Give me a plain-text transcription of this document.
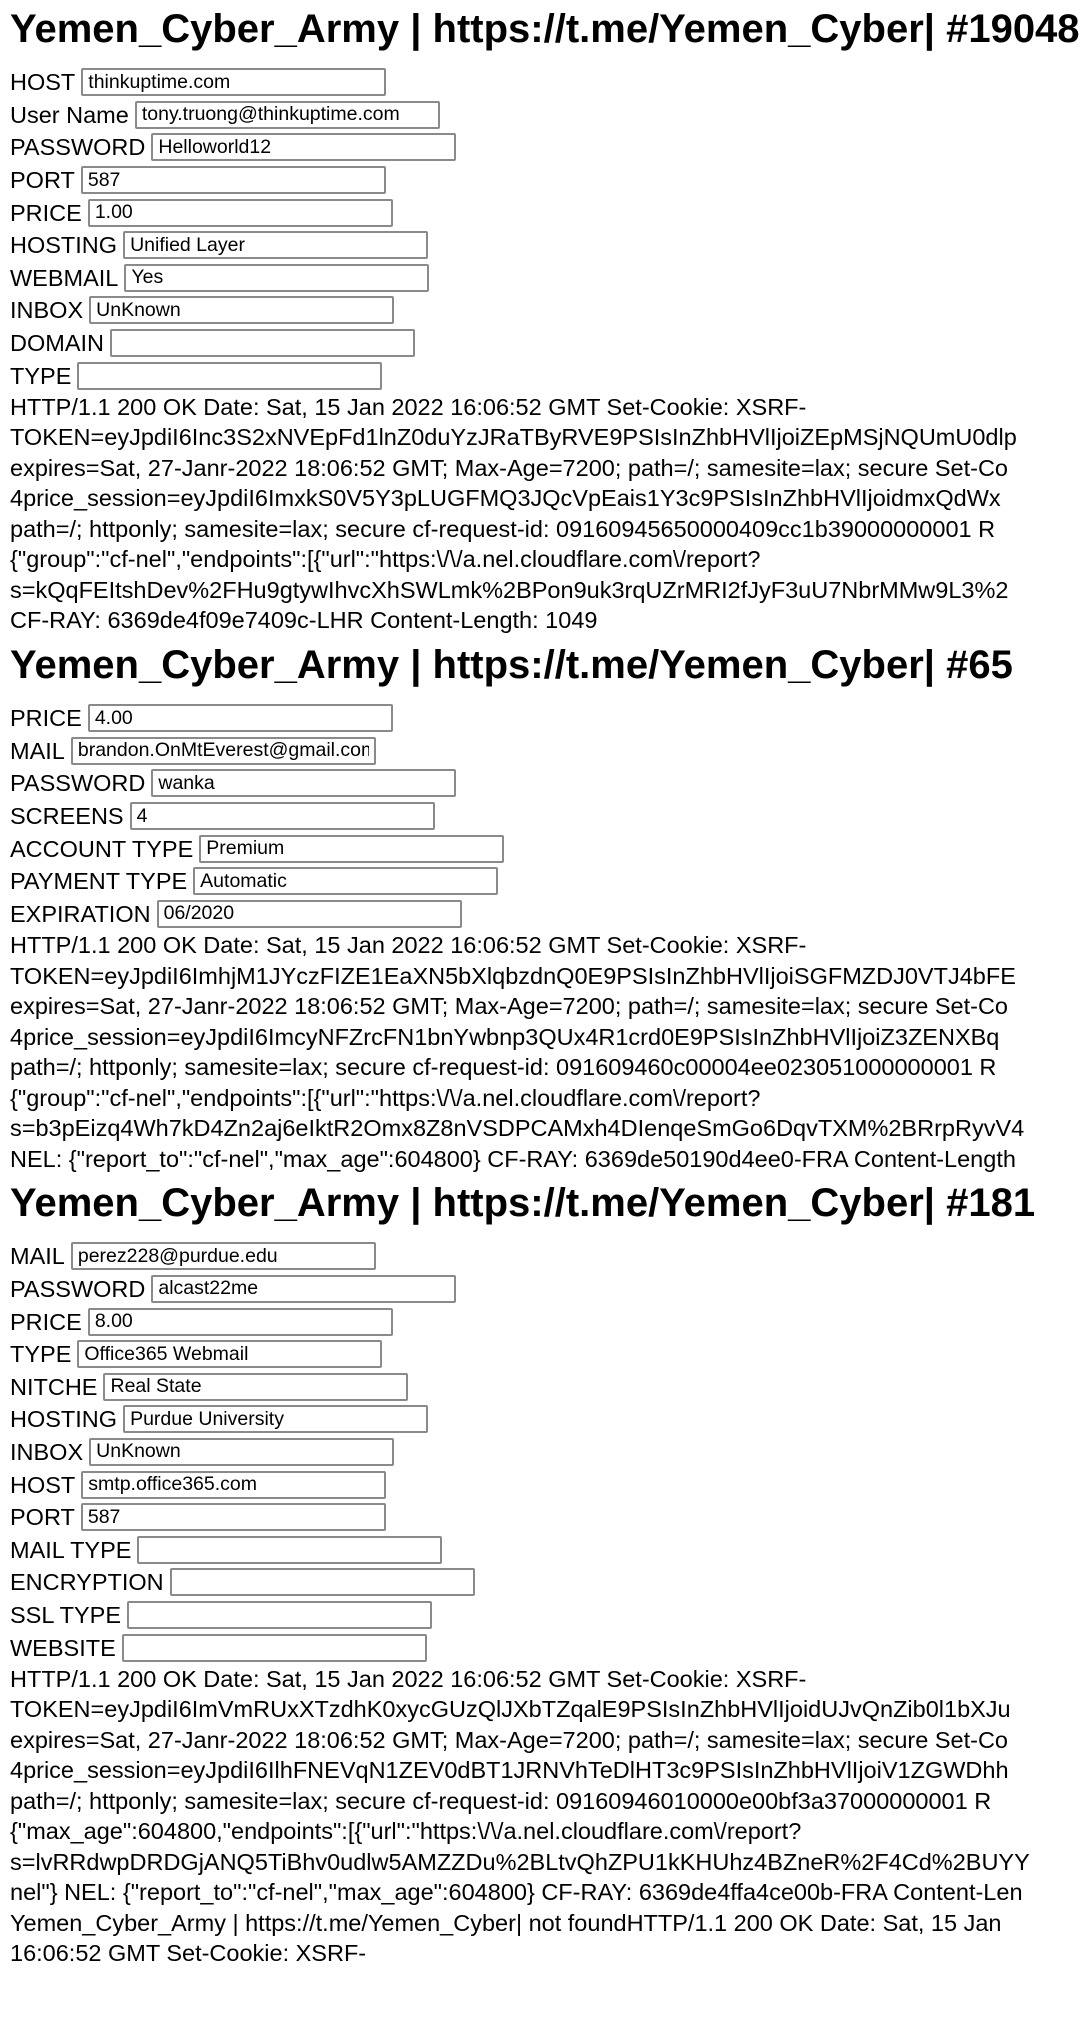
Yemen_Cyber_Army | https://t.me/Yemen_Cyber| #19048
HOST
thinkuptime.com
User Name
tony.truong@thinkuptime.com
PASSWORD
Helloworld12
PORT
587
PRICE
1.00
HOSTING
Unified Layer
WEBMAIL
Yes
INBOX
UnKnown
DOMAIN
TYPE
HTTP/1.1 200 OK Date: Sat, 15 Jan 2022 16:06:52 GMT Set-Cookie: XSRF-
TOKEN=eyJpdiI6Inc3S2xNVEpFd1lnZ0duYzJRaTByRVE9PSIsInZhbHVlIjoiZEpMSjNQUmU0dlp
expires=Sat, 27-Janr-2022 18:06:52 GMT; Max-Age=7200; path=/; samesite=lax; secure Set-Co
4price_session=eyJpdiI6ImxkS0V5Y3pLUGFMQ3JQcVpEais1Y3c9PSIsInZhbHVlIjoidmxQdWx
path=/; httponly; samesite=lax; secure cf-request-id: 09160945650000409cc1b39000000001 R
{"group":"cf-nel","endpoints":[{"url":"https:\/\/a.nel.cloudflare.com\/report?
s=kQqFEItshDev%2FHu9gtywIhvcXhSWLmk%2BPon9uk3rqUZrMRI2fJyF3uU7NbrMMw9L3%2
CF-RAY: 6369de4f09e7409c-LHR Content-Length: 1049
Yemen_Cyber_Army | https://t.me/Yemen_Cyber| #65
PRICE
4.00
MAIL
brandon.OnMtEverest@gmail.com
PASSWORD
wanka
SCREENS
4
ACCOUNT TYPE
Premium
PAYMENT TYPE
Automatic
EXPIRATION
06/2020
HTTP/1.1 200 OK Date: Sat, 15 Jan 2022 16:06:52 GMT Set-Cookie: XSRF-
TOKEN=eyJpdiI6ImhjM1JYczFIZE1EaXN5bXlqbzdnQ0E9PSIsInZhbHVlIjoiSGFMZDJ0VTJ4bFE
expires=Sat, 27-Janr-2022 18:06:52 GMT; Max-Age=7200; path=/; samesite=lax; secure Set-Co
4price_session=eyJpdiI6ImcyNFZrcFN1bnYwbnp3QUx4R1crd0E9PSIsInZhbHVlIjoiZ3ZENXBq
path=/; httponly; samesite=lax; secure cf-request-id: 091609460c00004ee023051000000001 R
{"group":"cf-nel","endpoints":[{"url":"https:\/\/a.nel.cloudflare.com\/report?
s=b3pEizq4Wh7kD4Zn2aj6eIktR2Omx8Z8nVSDPCAMxh4DIenqeSmGo6DqvTXM%2BRrpRyvV4
NEL: {"report_to":"cf-nel","max_age":604800} CF-RAY: 6369de50190d4ee0-FRA Content-Length
Yemen_Cyber_Army | https://t.me/Yemen_Cyber| #181
MAIL
perez228@purdue.edu
PASSWORD
alcast22me
PRICE
8.00
TYPE
Office365 Webmail
NITCHE
Real State
HOSTING
Purdue University
INBOX
UnKnown
HOST
smtp.office365.com
PORT
587
MAIL TYPE
ENCRYPTION
SSL TYPE
WEBSITE
HTTP/1.1 200 OK Date: Sat, 15 Jan 2022 16:06:52 GMT Set-Cookie: XSRF-
TOKEN=eyJpdiI6ImVmRUxXTzdhK0xycGUzQlJXbTZqalE9PSIsInZhbHVlIjoidUJvQnZib0l1bXJu
expires=Sat, 27-Janr-2022 18:06:52 GMT; Max-Age=7200; path=/; samesite=lax; secure Set-Co
4price_session=eyJpdiI6IlhFNEVqN1ZEV0dBT1JRNVhTeDlHT3c9PSIsInZhbHVlIjoiV1ZGWDhh
path=/; httponly; samesite=lax; secure cf-request-id: 09160946010000e00bf3a37000000001 R
{"max_age":604800,"endpoints":[{"url":"https:\/\/a.nel.cloudflare.com\/report?
s=lvRRdwpDRDGjANQ5TiBhv0udlw5AMZZDu%2BLtvQhZPU1kKHUhz4BZneR%2F4Cd%2BUYY
nel"} NEL: {"report_to":"cf-nel","max_age":604800} CF-RAY: 6369de4ffa4ce00b-FRA Content-Len
Yemen_Cyber_Army | https://t.me/Yemen_Cyber| not foundHTTP/1.1 200 OK Date: Sat, 15 Jan
16:06:52 GMT Set-Cookie: XSRF-
